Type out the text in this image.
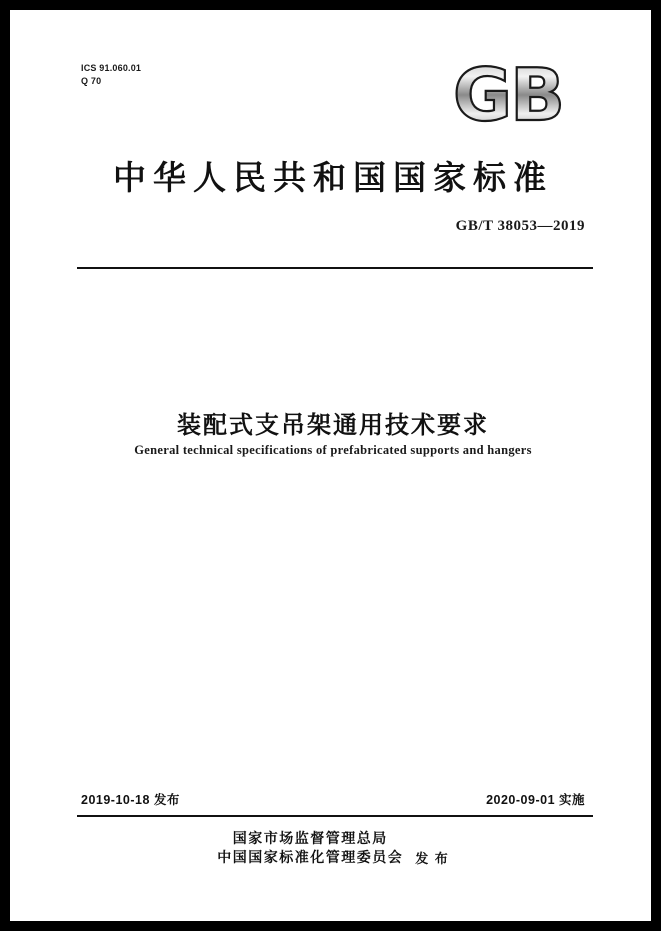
ICS 91.060.01
Q 70	GB
中华人民共和国国家标准
GB/T 38053—2019
装配式支吊架通用技术要求
General technical specifications of prefabricated supports and hangers
2019-10-18 发布	2020-09-01 实施
国家市场监督管理总局
中国国家标准化管理委员会 发 布
